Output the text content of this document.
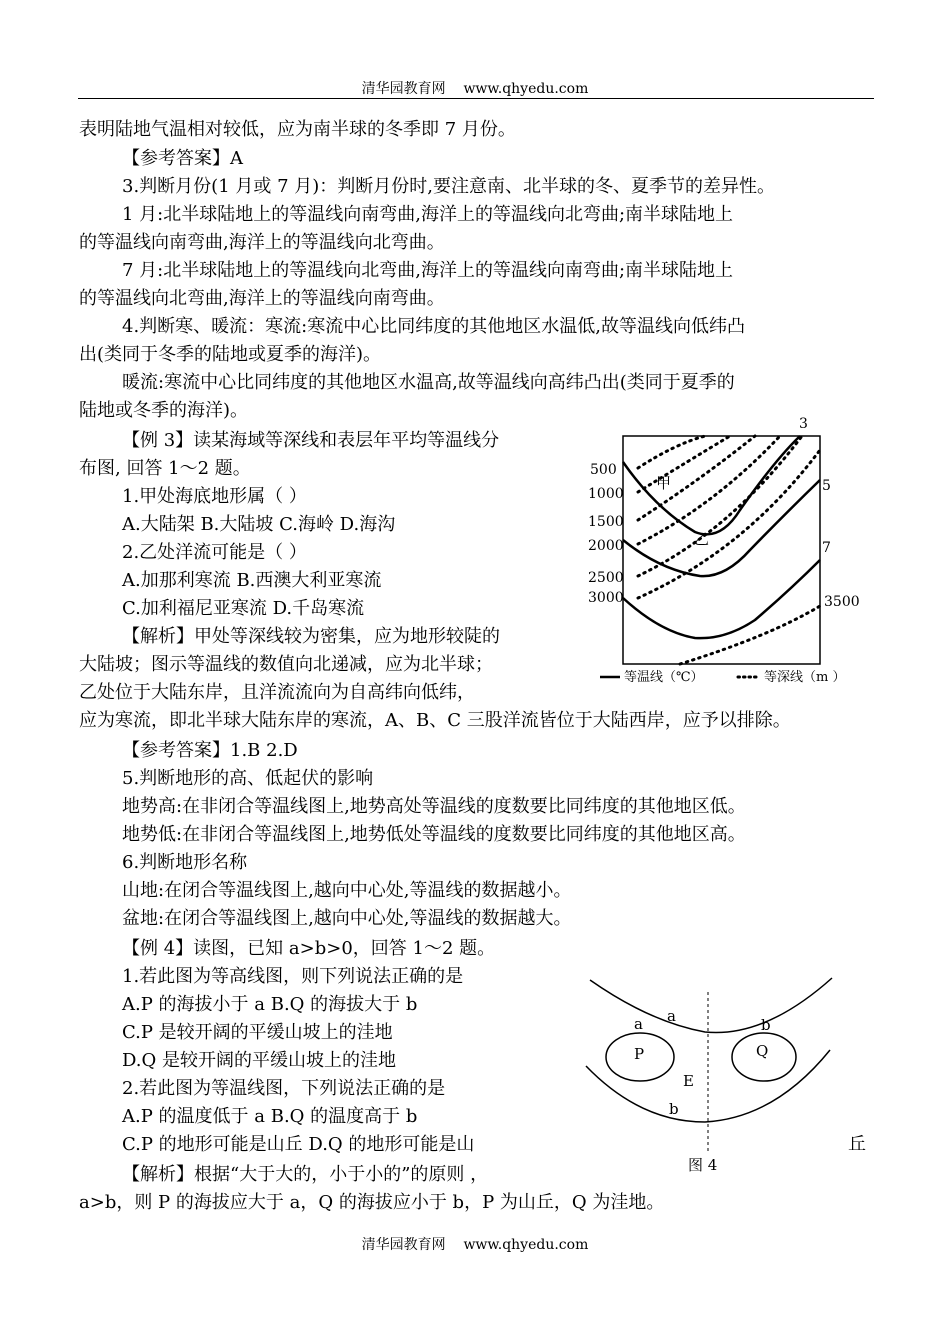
清华园教育网 www.qhyedu.com
表明陆地气温相对较低，应为南半球的冬季即 7 月份。
【参考答案】A
3.判断月份(1 月或 7 月)：判断月份时,要注意南、北半球的冬、夏季节的差异性。
1 月:北半球陆地上的等温线向南弯曲,海洋上的等温线向北弯曲;南半球陆地上
的等温线向南弯曲,海洋上的等温线向北弯曲。
7 月:北半球陆地上的等温线向北弯曲,海洋上的等温线向南弯曲;南半球陆地上
的等温线向北弯曲,海洋上的等温线向南弯曲。
4.判断寒、暖流：寒流:寒流中心比同纬度的其他地区水温低,故等温线向低纬凸
出(类同于冬季的陆地或夏季的海洋)。
暖流:寒流中心比同纬度的其他地区水温高,故等温线向高纬凸出(类同于夏季的
陆地或冬季的海洋)。
【例 3】读某海域等深线和表层年平均等温线分
布图, 回答 1～2 题。
1.甲处海底地形属（ ）
A.大陆架 B.大陆坡 C.海岭 D.海沟
2.乙处洋流可能是（ ）
A.加那利寒流 B.西澳大利亚寒流
C.加利福尼亚寒流 D.千岛寒流
【解析】甲处等深线较为密集，应为地形较陡的
大陆坡；图示等温线的数值向北递减，应为北半球；
乙处位于大陆东岸，且洋流流向为自高纬向低纬，
应为寒流，即北半球大陆东岸的寒流，A、B、C 三股洋流皆位于大陆西岸，应予以排除。
【参考答案】1.B 2.D
5.判断地形的高、低起伏的影响
地势高:在非闭合等温线图上,地势高处等温线的度数要比同纬度的其他地区低。
地势低:在非闭合等温线图上,地势低处等温线的度数要比同纬度的其他地区高。
6.判断地形名称
山地:在闭合等温线图上,越向中心处,等温线的数据越小。
盆地:在闭合等温线图上,越向中心处,等温线的数据越大。
【例 4】读图，已知 a>b>0，回答 1～2 题。
1.若此图为等高线图，则下列说法正确的是
A.P 的海拔小于 a B.Q 的海拔大于 b
C.P 是较开阔的平缓山坡上的洼地
D.Q 是较开阔的平缓山坡上的洼地
2.若此图为等温线图，下列说法正确的是
A.P 的温度低于 a B.Q 的温度高于 b
C.P 的地形可能是山丘 D.Q 的地形可能是山	丘
【解析】根据“大于大的，小于小的”的原则 ，
a>b，则 P 的海拔应大于 a，Q 的海拔应小于 b，P 为山丘，Q 为洼地。
500
1000
1500
2000
2500
3000	3500
3
5
7
甲
乙
等温线（℃）	等深线（m ）
a a	b
P	Q
E
b
图 4
清华园教育网 www.qhyedu.com
